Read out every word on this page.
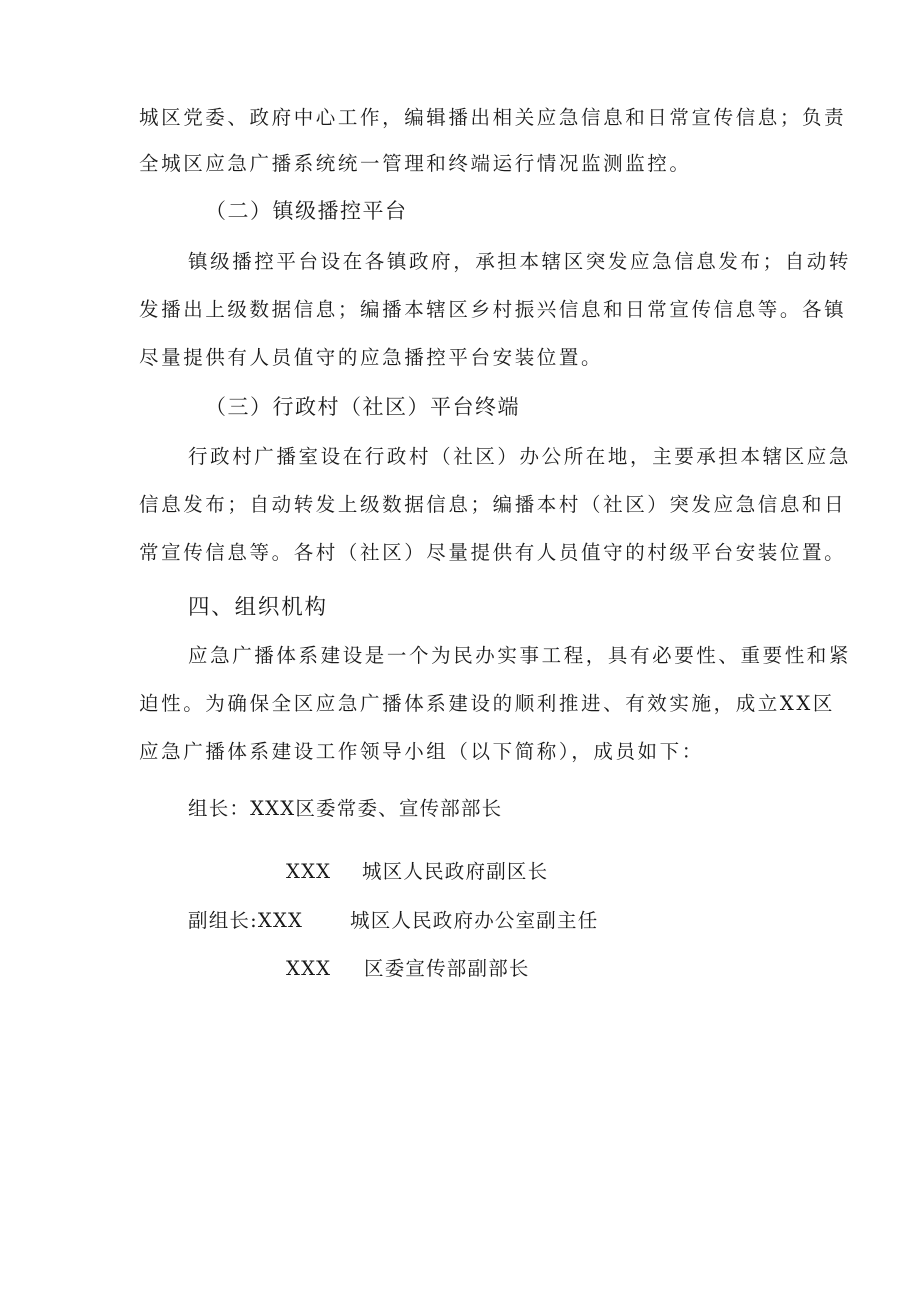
城区党委、政府中心工作，编辑播出相关应急信息和日常宣传信息；负责
全城区应急广播系统统一管理和终端运行情况监测监控。
（二）镇级播控平台
镇级播控平台设在各镇政府，承担本辖区突发应急信息发布；自动转
发播出上级数据信息；编播本辖区乡村振兴信息和日常宣传信息等。各镇
尽量提供有人员值守的应急播控平台安装位置。
（三）行政村（社区）平台终端
行政村广播室设在行政村（社区）办公所在地，主要承担本辖区应急
信息发布；自动转发上级数据信息；编播本村（社区）突发应急信息和日
常宣传信息等。各村（社区）尽量提供有人员值守的村级平台安装位置。
四、组织机构
应急广播体系建设是一个为民办实事工程，具有必要性、重要性和紧
迫性。为确保全区应急广播体系建设的顺利推进、有效实施，成立XX区
应急广播体系建设工作领导小组（以下简称），成员如下：
组长：XXX区委常委、宣传部部长
XXX 城区人民政府副区长
副组长:XXX 城区人民政府办公室副主任
XXX 区委宣传部副部长
